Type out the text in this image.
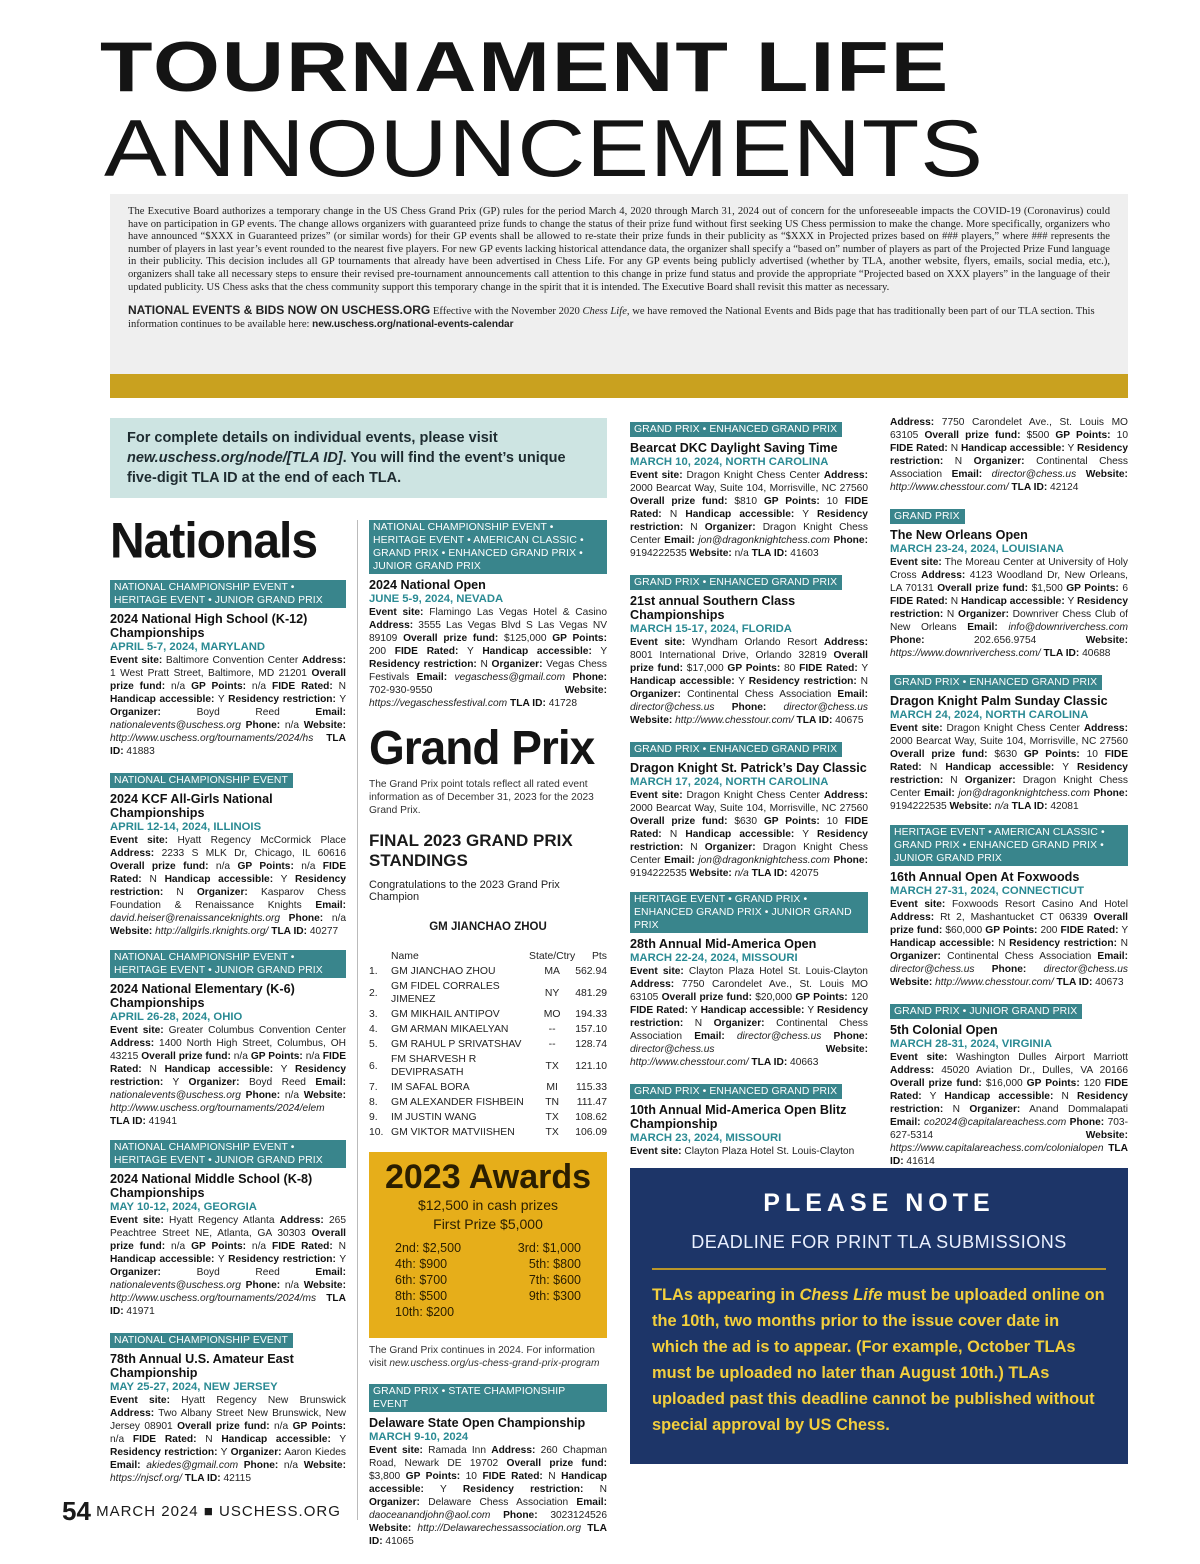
TOURNAMENT LIFE
ANNOUNCEMENTS
The Executive Board authorizes a temporary change in the US Chess Grand Prix (GP) rules for the period March 4, 2020 through March 31, 2024 out of concern for the unforeseeable impacts the COVID-19 (Coronavirus) could have on participation in GP events. The change allows organizers with guaranteed prize funds to change the status of their prize fund without first seeking US Chess permission to make the change. More specifically, organizers who have announced “$XXX in Guaranteed prizes” (or similar words) for their GP events shall be allowed to re-state their prize funds in their publicity as “$XXX in Projected prizes based on ### players,” where ### represents the number of players in last year’s event rounded to the nearest five players. For new GP events lacking historical attendance data, the organizer shall specify a “based on” number of players as part of the Projected Prize Fund language in their publicity. This decision includes all GP tournaments that already have been advertised in Chess Life. For any GP events being publicly advertised (whether by TLA, another website, flyers, emails, social media, etc.), organizers shall take all necessary steps to ensure their revised pre-tournament announcements call attention to this change in prize fund status and provide the appropriate “Projected based on XXX players” in the language of their updated publicity. US Chess asks that the chess community support this temporary change in the spirit that it is intended. The Executive Board shall revisit this matter as necessary.
NATIONAL EVENTS & BIDS NOW ON USCHESS.ORG Effective with the November 2020 Chess Life, we have removed the National Events and Bids page that has traditionally been part of our TLA section. This information continues to be available here: new.uschess.org/national-events-calendar
For complete details on individual events, please visit
new.uschess.org/node/[TLA ID]. You will find the event’s unique
five-digit TLA ID at the end of each TLA.
Nationals
NATIONAL CHAMPIONSHIP EVENT • HERITAGE EVENT • JUNIOR GRAND PRIX
2024 National High School (K-12) Championships
APRIL 5-7, 2024, MARYLAND
Event site: Baltimore Convention Center Address: 1 West Pratt Street, Baltimore, MD 21201 Overall prize fund: n/a GP Points: n/a FIDE Rated: N Handicap accessible: Y Residency restriction: Y Organizer: Boyd Reed Email: nationalevents@uschess.org Phone: n/a Website: http://www.uschess.org/tournaments/2024/hs TLA ID: 41883
NATIONAL CHAMPIONSHIP EVENT
2024 KCF All-Girls National Championships
APRIL 12-14, 2024, ILLINOIS
Event site: Hyatt Regency McCormick Place Address: 2233 S MLK Dr, Chicago, IL 60616 Overall prize fund: n/a GP Points: n/a FIDE Rated: N Handicap accessible: Y Residency restriction: N Organizer: Kasparov Chess Foundation & Renaissance Knights Email: david.heiser@renaissanceknights.org Phone: n/a Website: http://allgirls.rknights.org/ TLA ID: 40277
NATIONAL CHAMPIONSHIP EVENT • HERITAGE EVENT • JUNIOR GRAND PRIX
2024 National Elementary (K-6) Championships
APRIL 26-28, 2024, OHIO
Event site: Greater Columbus Convention Center Address: 1400 North High Street, Columbus, OH 43215 Overall prize fund: n/a GP Points: n/a FIDE Rated: N Handicap accessible: Y Residency restriction: Y Organizer: Boyd Reed Email: nationalevents@uschess.org Phone: n/a Website: http://www.uschess.org/tournaments/2024/elem TLA ID: 41941
NATIONAL CHAMPIONSHIP EVENT • HERITAGE EVENT • JUNIOR GRAND PRIX
2024 National Middle School (K-8) Championships
MAY 10-12, 2024, GEORGIA
Event site: Hyatt Regency Atlanta Address: 265 Peachtree Street NE, Atlanta, GA 30303 Overall prize fund: n/a GP Points: n/a FIDE Rated: N Handicap accessible: Y Residency restriction: Y Organizer: Boyd Reed Email: nationalevents@uschess.org Phone: n/a Website: http://www.uschess.org/tournaments/2024/ms TLA ID: 41971
NATIONAL CHAMPIONSHIP EVENT
78th Annual U.S. Amateur East Championship
MAY 25-27, 2024, NEW JERSEY
Event site: Hyatt Regency New Brunswick Address: Two Albany Street New Brunswick, New Jersey 08901 Overall prize fund: n/a GP Points: n/a FIDE Rated: N Handicap accessible: Y Residency restriction: Y Organizer: Aaron Kiedes Email: akiedes@gmail.com Phone: n/a Website: https://njscf.org/ TLA ID: 42115
NATIONAL CHAMPIONSHIP EVENT • HERITAGE EVENT • AMERICAN CLASSIC • GRAND PRIX • ENHANCED GRAND PRIX • JUNIOR GRAND PRIX
2024 National Open
JUNE 5-9, 2024, NEVADA
Event site: Flamingo Las Vegas Hotel & Casino Address: 3555 Las Vegas Blvd S Las Vegas NV 89109 Overall prize fund: $125,000 GP Points: 200 FIDE Rated: Y Handicap accessible: Y Residency restriction: N Organizer: Vegas Chess Festivals Email: vegaschess@gmail.com Phone: 702-930-9550 Website: https://vegaschessfestival.com TLA ID: 41728
Grand Prix
The Grand Prix point totals reflect all rated event information as of December 31, 2023 for the 2023 Grand Prix.
FINAL 2023 GRAND PRIX STANDINGS
Congratulations to the 2023 Grand Prix Champion
GM JIANCHAO ZHOU
	Name	State/Ctry	Pts
1.	GM JIANCHAO ZHOU	MA	562.94
2.	GM FIDEL CORRALES JIMENEZ	NY	481.29
3.	GM MIKHAIL ANTIPOV	MO	194.33
4.	GM ARMAN MIKAELYAN	--	157.10
5.	GM RAHUL P SRIVATSHAV	--	128.74
6.	FM SHARVESH R DEVIPRASATH	TX	121.10
7.	IM SAFAL BORA	MI	115.33
8.	GM ALEXANDER FISHBEIN	TN	111.47
9.	IM JUSTIN WANG	TX	108.62
10.	GM VIKTOR MATVIISHEN	TX	106.09
2023 Awards
$12,500 in cash prizes
First Prize $5,000
2nd: $2,500	3rd: $1,000
4th: $900	5th: $800
6th: $700	7th: $600
8th: $500	9th: $300
10th: $200
The Grand Prix continues in 2024. For information visit new.uschess.org/us-chess-grand-prix-program
GRAND PRIX • STATE CHAMPIONSHIP EVENT
Delaware State Open Championship
MARCH 9-10, 2024
Event site: Ramada Inn Address: 260 Chapman Road, Newark DE 19702 Overall prize fund: $3,800 GP Points: 10 FIDE Rated: N Handicap accessible: Y Residency restriction: N Organizer: Delaware Chess Association Email: daoceanandjohn@aol.com Phone: 3023124526 Website: http://Delawarechessassociation.org TLA ID: 41065
GRAND PRIX • ENHANCED GRAND PRIX
Bearcat DKC Daylight Saving Time
MARCH 10, 2024, NORTH CAROLINA
Event site: Dragon Knight Chess Center Address: 2000 Bearcat Way, Suite 104, Morrisville, NC 27560 Overall prize fund: $810 GP Points: 10 FIDE Rated: N Handicap accessible: Y Residency restriction: N Organizer: Dragon Knight Chess Center Email: jon@dragonknightchess.com Phone: 9194222535 Website: n/a TLA ID: 41603
GRAND PRIX • ENHANCED GRAND PRIX
21st annual Southern Class Championships
MARCH 15-17, 2024, FLORIDA
Event site: Wyndham Orlando Resort Address: 8001 International Drive, Orlando 32819 Overall prize fund: $17,000 GP Points: 80 FIDE Rated: Y Handicap accessible: Y Residency restriction: N Organizer: Continental Chess Association Email: director@chess.us Phone: director@chess.us Website: http://www.chesstour.com/ TLA ID: 40675
GRAND PRIX • ENHANCED GRAND PRIX
Dragon Knight St. Patrick’s Day Classic
MARCH 17, 2024, NORTH CAROLINA
Event site: Dragon Knight Chess Center Address: 2000 Bearcat Way, Suite 104, Morrisville, NC 27560 Overall prize fund: $630 GP Points: 10 FIDE Rated: N Handicap accessible: Y Residency restriction: N Organizer: Dragon Knight Chess Center Email: jon@dragonknightchess.com Phone: 9194222535 Website: n/a TLA ID: 42075
HERITAGE EVENT • GRAND PRIX • ENHANCED GRAND PRIX • JUNIOR GRAND PRIX
28th Annual Mid-America Open
MARCH 22-24, 2024, MISSOURI
Event site: Clayton Plaza Hotel St. Louis-Clayton Address: 7750 Carondelet Ave., St. Louis MO 63105 Overall prize fund: $20,000 GP Points: 120 FIDE Rated: Y Handicap accessible: Y Residency restriction: N Organizer: Continental Chess Association Email: director@chess.us Phone: director@chess.us	Website: http://www.chesstour.com/ TLA ID: 40663
GRAND PRIX • ENHANCED GRAND PRIX
10th Annual Mid-America Open Blitz Championship
MARCH 23, 2024, MISSOURI
Event site: Clayton Plaza Hotel St. Louis-Clayton
Address: 7750 Carondelet Ave., St. Louis MO 63105 Overall prize fund: $500 GP Points: 10 FIDE Rated: N Handicap accessible: Y Residency restriction: N Organizer: Continental Chess Association Email: director@chess.us Website: http://www.chesstour.com/ TLA ID: 42124
GRAND PRIX
The New Orleans Open
MARCH 23-24, 2024, LOUISIANA
Event site: The Moreau Center at University of Holy Cross Address: 4123 Woodland Dr, New Orleans, LA 70131 Overall prize fund: $1,500 GP Points: 6 FIDE Rated: N Handicap accessible: Y Residency restriction: N Organizer: Downriver Chess Club of New Orleans Email: info@downriverchess.com Phone: 202.656.9754 Website: https://www.downriverchess.com/ TLA ID: 40688
GRAND PRIX • ENHANCED GRAND PRIX
Dragon Knight Palm Sunday Classic
MARCH 24, 2024, NORTH CAROLINA
Event site: Dragon Knight Chess Center Address: 2000 Bearcat Way, Suite 104, Morrisville, NC 27560 Overall prize fund: $630 GP Points: 10 FIDE Rated: N Handicap accessible: Y Residency restriction: N Organizer: Dragon Knight Chess Center Email: jon@dragonknightchess.com Phone: 9194222535 Website: n/a TLA ID: 42081
HERITAGE EVENT • AMERICAN CLASSIC • GRAND PRIX • ENHANCED GRAND PRIX • JUNIOR GRAND PRIX
16th Annual Open At Foxwoods
MARCH 27-31, 2024, CONNECTICUT
Event site: Foxwoods Resort Casino And Hotel Address: Rt 2, Mashantucket CT 06339 Overall prize fund: $60,000 GP Points: 200 FIDE Rated: Y Handicap accessible: N Residency restriction: N Organizer: Continental Chess Association Email: director@chess.us Phone: director@chess.us Website: http://www.chesstour.com/ TLA ID: 40673
GRAND PRIX • JUNIOR GRAND PRIX
5th Colonial Open
MARCH 28-31, 2024, VIRGINIA
Event site: Washington Dulles Airport Marriott Address: 45020 Aviation Dr., Dulles, VA 20166 Overall prize fund: $16,000 GP Points: 120 FIDE Rated: Y Handicap accessible: N Residency restriction: N Organizer: Anand Dommalapati Email: co2024@capitalareachess.com Phone: 703-627-5314 Website: https://www.capitalareachess.com/colonialopen TLA ID: 41614
PLEASE NOTE
DEADLINE FOR PRINT TLA SUBMISSIONS
TLAs appearing in Chess Life must be uploaded online on the 10th, two months prior to the issue cover date in which the ad is to appear. (For example, October TLAs must be uploaded no later than August 10th.) TLAs uploaded past this deadline cannot be published without special approval by US Chess.
54 MARCH 2024 ■ USCHESS.ORG
